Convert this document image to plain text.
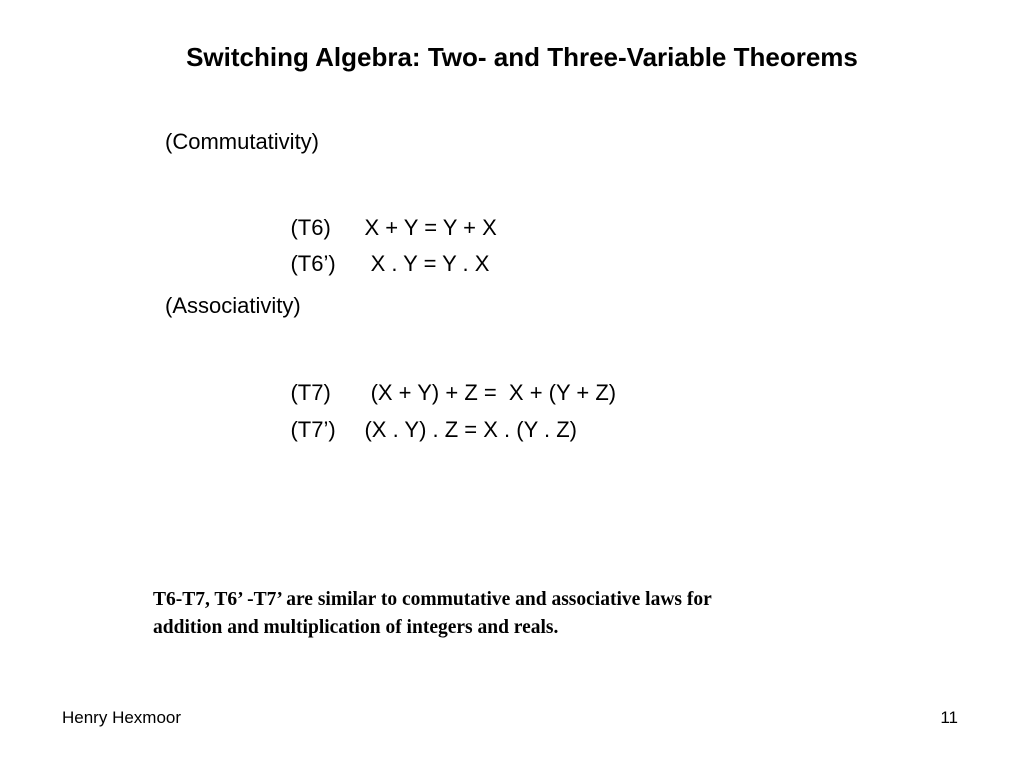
Switching Algebra: Two- and Three-Variable Theorems
(Commutativity)

(T6) X + Y = Y + X

(T6’) X . Y = Y . X

(Associativity)

(T7) (X + Y) + Z =  X + (Y + Z)

(T7’) (X . Y) . Z = X . (Y . Z)

T6-T7, T6’ -T7’ are similar to commutative and associative laws for
addition and multiplication of integers and reals.
Henry Hexmoor	11
